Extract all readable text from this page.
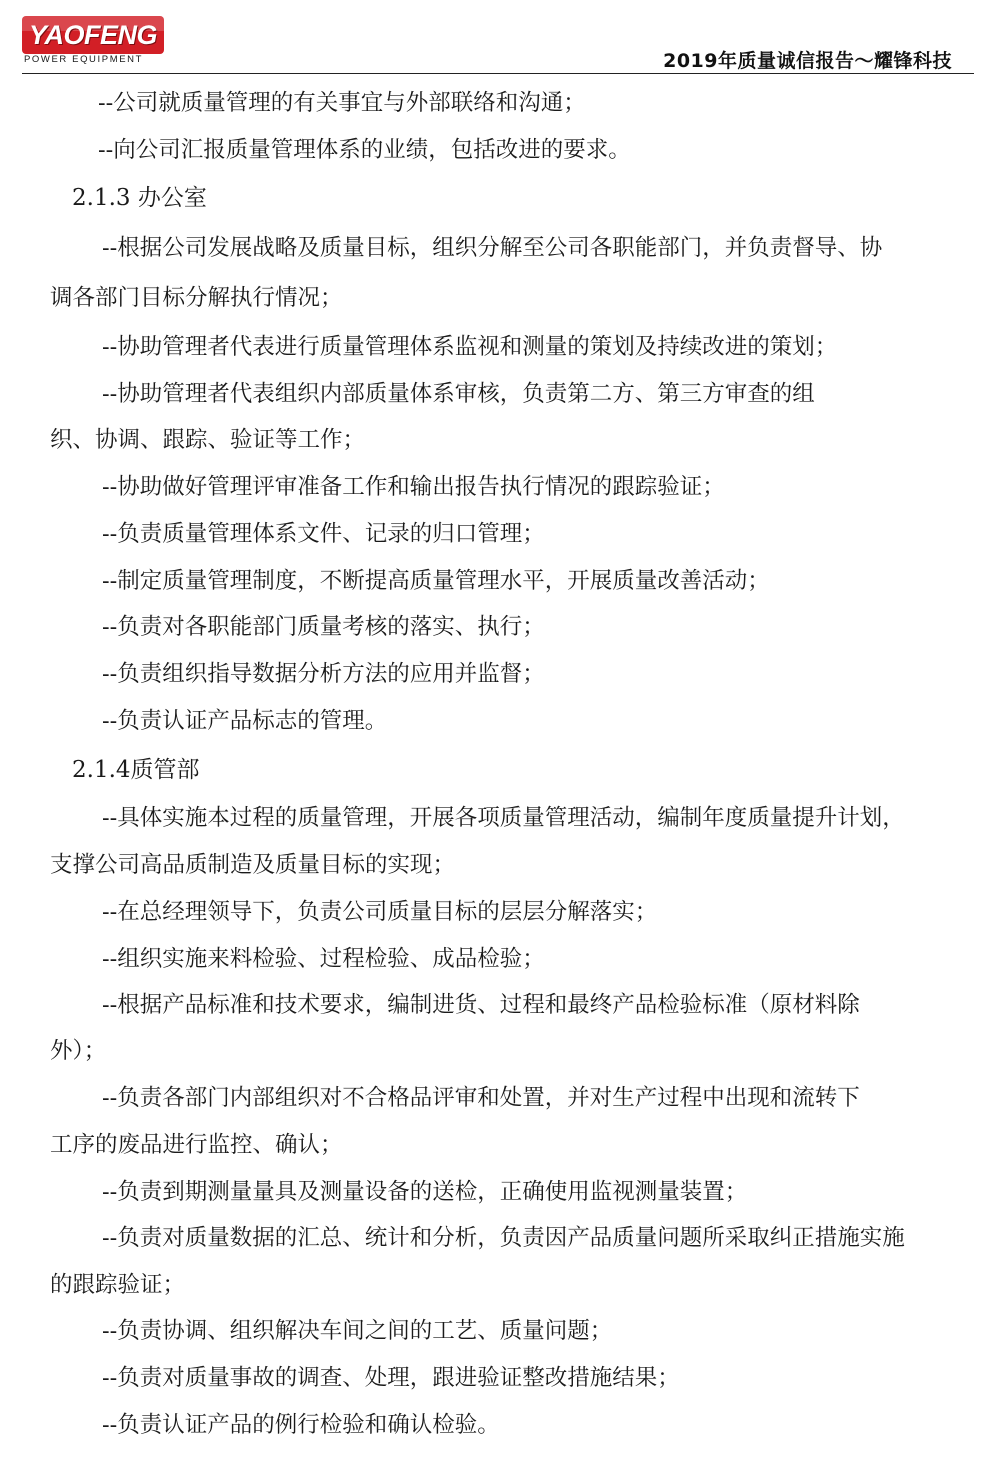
YAOFENG
POWER EQUIPMENT	2019年质量诚信报告～耀锋科技
--公司就质量管理的有关事宜与外部联络和沟通；
--向公司汇报质量管理体系的业绩，包括改进的要求。
2.1.3 办公室
--根据公司发展战略及质量目标，组织分解至公司各职能部门，并负责督导、协
调各部门目标分解执行情况；
--协助管理者代表进行质量管理体系监视和测量的策划及持续改进的策划；
--协助管理者代表组织内部质量体系审核，负责第二方、第三方审查的组
织、协调、跟踪、验证等工作；
--协助做好管理评审准备工作和输出报告执行情况的跟踪验证；
--负责质量管理体系文件、记录的归口管理；
--制定质量管理制度，不断提高质量管理水平，开展质量改善活动；
--负责对各职能部门质量考核的落实、执行；
--负责组织指导数据分析方法的应用并监督；
--负责认证产品标志的管理。
2.1.4质管部
--具体实施本过程的质量管理，开展各项质量管理活动，编制年度质量提升计划，
支撑公司高品质制造及质量目标的实现；
--在总经理领导下，负责公司质量目标的层层分解落实；
--组织实施来料检验、过程检验、成品检验；
--根据产品标准和技术要求，编制进货、过程和最终产品检验标准（原材料除
外）；
--负责各部门内部组织对不合格品评审和处置，并对生产过程中出现和流转下
工序的废品进行监控、确认；
--负责到期测量量具及测量设备的送检，正确使用监视测量装置；
--负责对质量数据的汇总、统计和分析，负责因产品质量问题所采取纠正措施实施
的跟踪验证；
--负责协调、组织解决车间之间的工艺、质量问题；
--负责对质量事故的调查、处理，跟进验证整改措施结果；
--负责认证产品的例行检验和确认检验。
